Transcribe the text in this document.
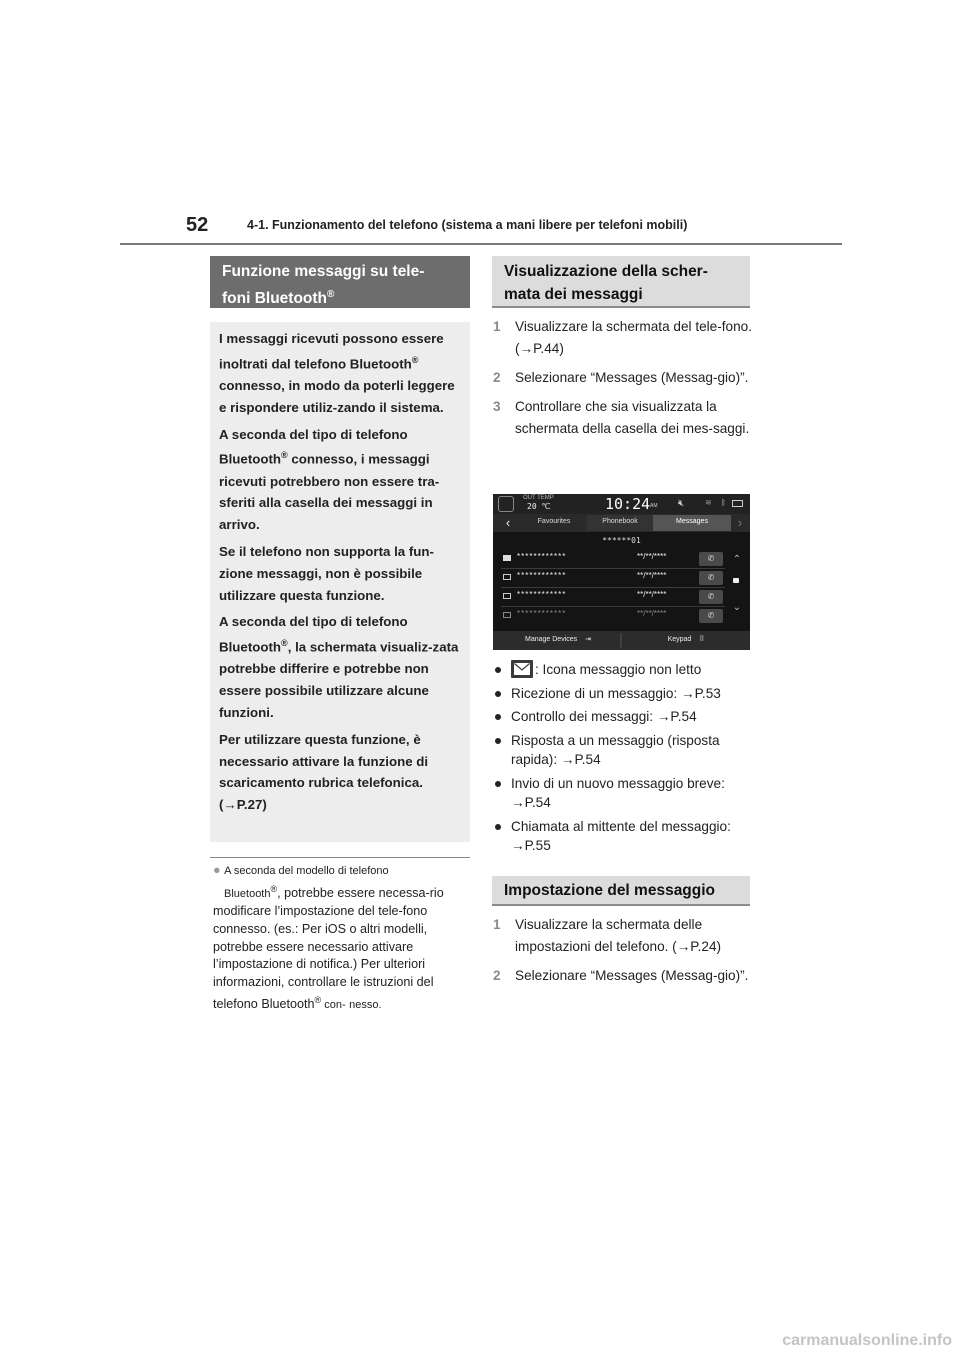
52	4-1. Funzionamento del telefono (sistema a mani libere per telefoni mobili)
Funzione messaggi su tele-
foni Bluetooth®

I messaggi ricevuti possono essere inoltrati dal telefono Bluetooth® connesso, in modo da poterli leggere e rispondere utiliz-zando il sistema.

A seconda del tipo di telefono Bluetooth® connesso, i messaggi ricevuti potrebbero non essere tra-sferiti alla casella dei messaggi in arrivo.

Se il telefono non supporta la fun-zione messaggi, non è possibile utilizzare questa funzione.

A seconda del tipo di telefono Bluetooth®, la schermata visualiz-zata potrebbe differire e potrebbe non essere possibile utilizzare alcune funzioni.

Per utilizzare questa funzione, è necessario attivare la funzione di scaricamento rubrica telefonica.
(→P.27)

● A seconda del modello di telefono
Bluetooth®, potrebbe essere necessa-rio modificare l’impostazione del tele-fono connesso. (es.: Per iOS o altri modelli, potrebbe essere necessario attivare l’impostazione di notifica.) Per ulteriori informazioni, controllare le istruzioni del telefono Bluetooth® con- nesso.
Visualizzazione della scher-
mata dei messaggi
1 Visualizzare la schermata del tele-fono. (→P.44)
2 Selezionare “Messages (Messag-gio)”.
3 Controllare che sia visualizzata la schermata della casella dei mes-saggi.
OUT TEMP
20 ℃	10:24 AM 🔇︎	≋ ᛒ
‹	Favourites	Phonebook	Messages	›
******01
************	**/**/****	✆
************	**/**/****	✆
************	**/**/****	✆
************	**/**/****	✆
⌃
⌄
Manage Devices ⇥	Keypad ⠿
: Icona messaggio non letto
Ricezione di un messaggio: →P.53
Controllo dei messaggi: →P.54
Risposta a un messaggio (risposta rapida): →P.54
Invio di un nuovo messaggio breve: →P.54
Chiamata al mittente del messaggio: →P.55
Impostazione del messaggio
1 Visualizzare la schermata delle impostazioni del telefono. (→P.24)
2 Selezionare “Messages (Messag-gio)”.
carmanualsonline.info
